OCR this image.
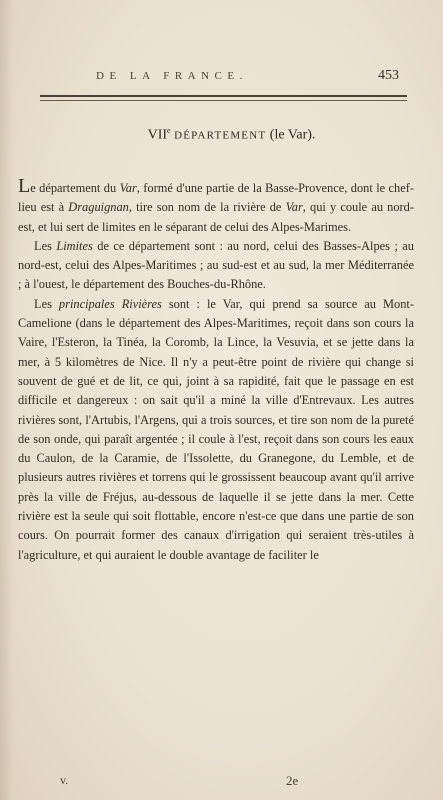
DE LA FRANCE.	453
VIIe DÉPARTEMENT (le Var).

Le département du Var, formé d'une partie de la Basse-Provence, dont le chef-lieu est à Draguignan, tire son nom de la rivière de Var, qui y coule au nord-est, et lui sert de limites en le séparant de celui des Alpes-Marimes.

Les Limites de ce département sont : au nord, celui des Basses-Alpes ; au nord-est, celui des Alpes-Maritimes ; au sud-est et au sud, la mer Méditerranée ; à l'ouest, le département des Bouches-du-Rhône.

Les principales Rivières sont : le Var, qui prend sa source au Mont-Camelione (dans le département des Alpes-Maritimes, reçoit dans son cours la Vaire, l'Esteron, la Tinéa, la Coromb, la Lince, la Vesuvia, et se jette dans la mer, à 5 kilomètres de Nice. Il n'y a peut-être point de rivière qui change si souvent de gué et de lit, ce qui, joint à sa rapidité, fait que le passage en est difficile et dangereux : on sait qu'il a miné la ville d'Entrevaux. Les autres rivières sont, l'Artubis, l'Argens, qui a trois sources, et tire son nom de la pureté de son onde, qui paraît argentée ; il coule à l'est, reçoit dans son cours les eaux du Caulon, de la Caramie, de l'Issolette, du Granegone, du Lemble, et de plusieurs autres rivières et torrens qui le grossissent beaucoup avant qu'il arrive près la ville de Fréjus, au-dessous de laquelle il se jette dans la mer. Cette rivière est la seule qui soit flottable, encore n'est-ce que dans une partie de son cours. On pourrait former des canaux d'irrigation qui seraient très-utiles à l'agriculture, et qui auraient le double avantage de faciliter le

v.	2e
